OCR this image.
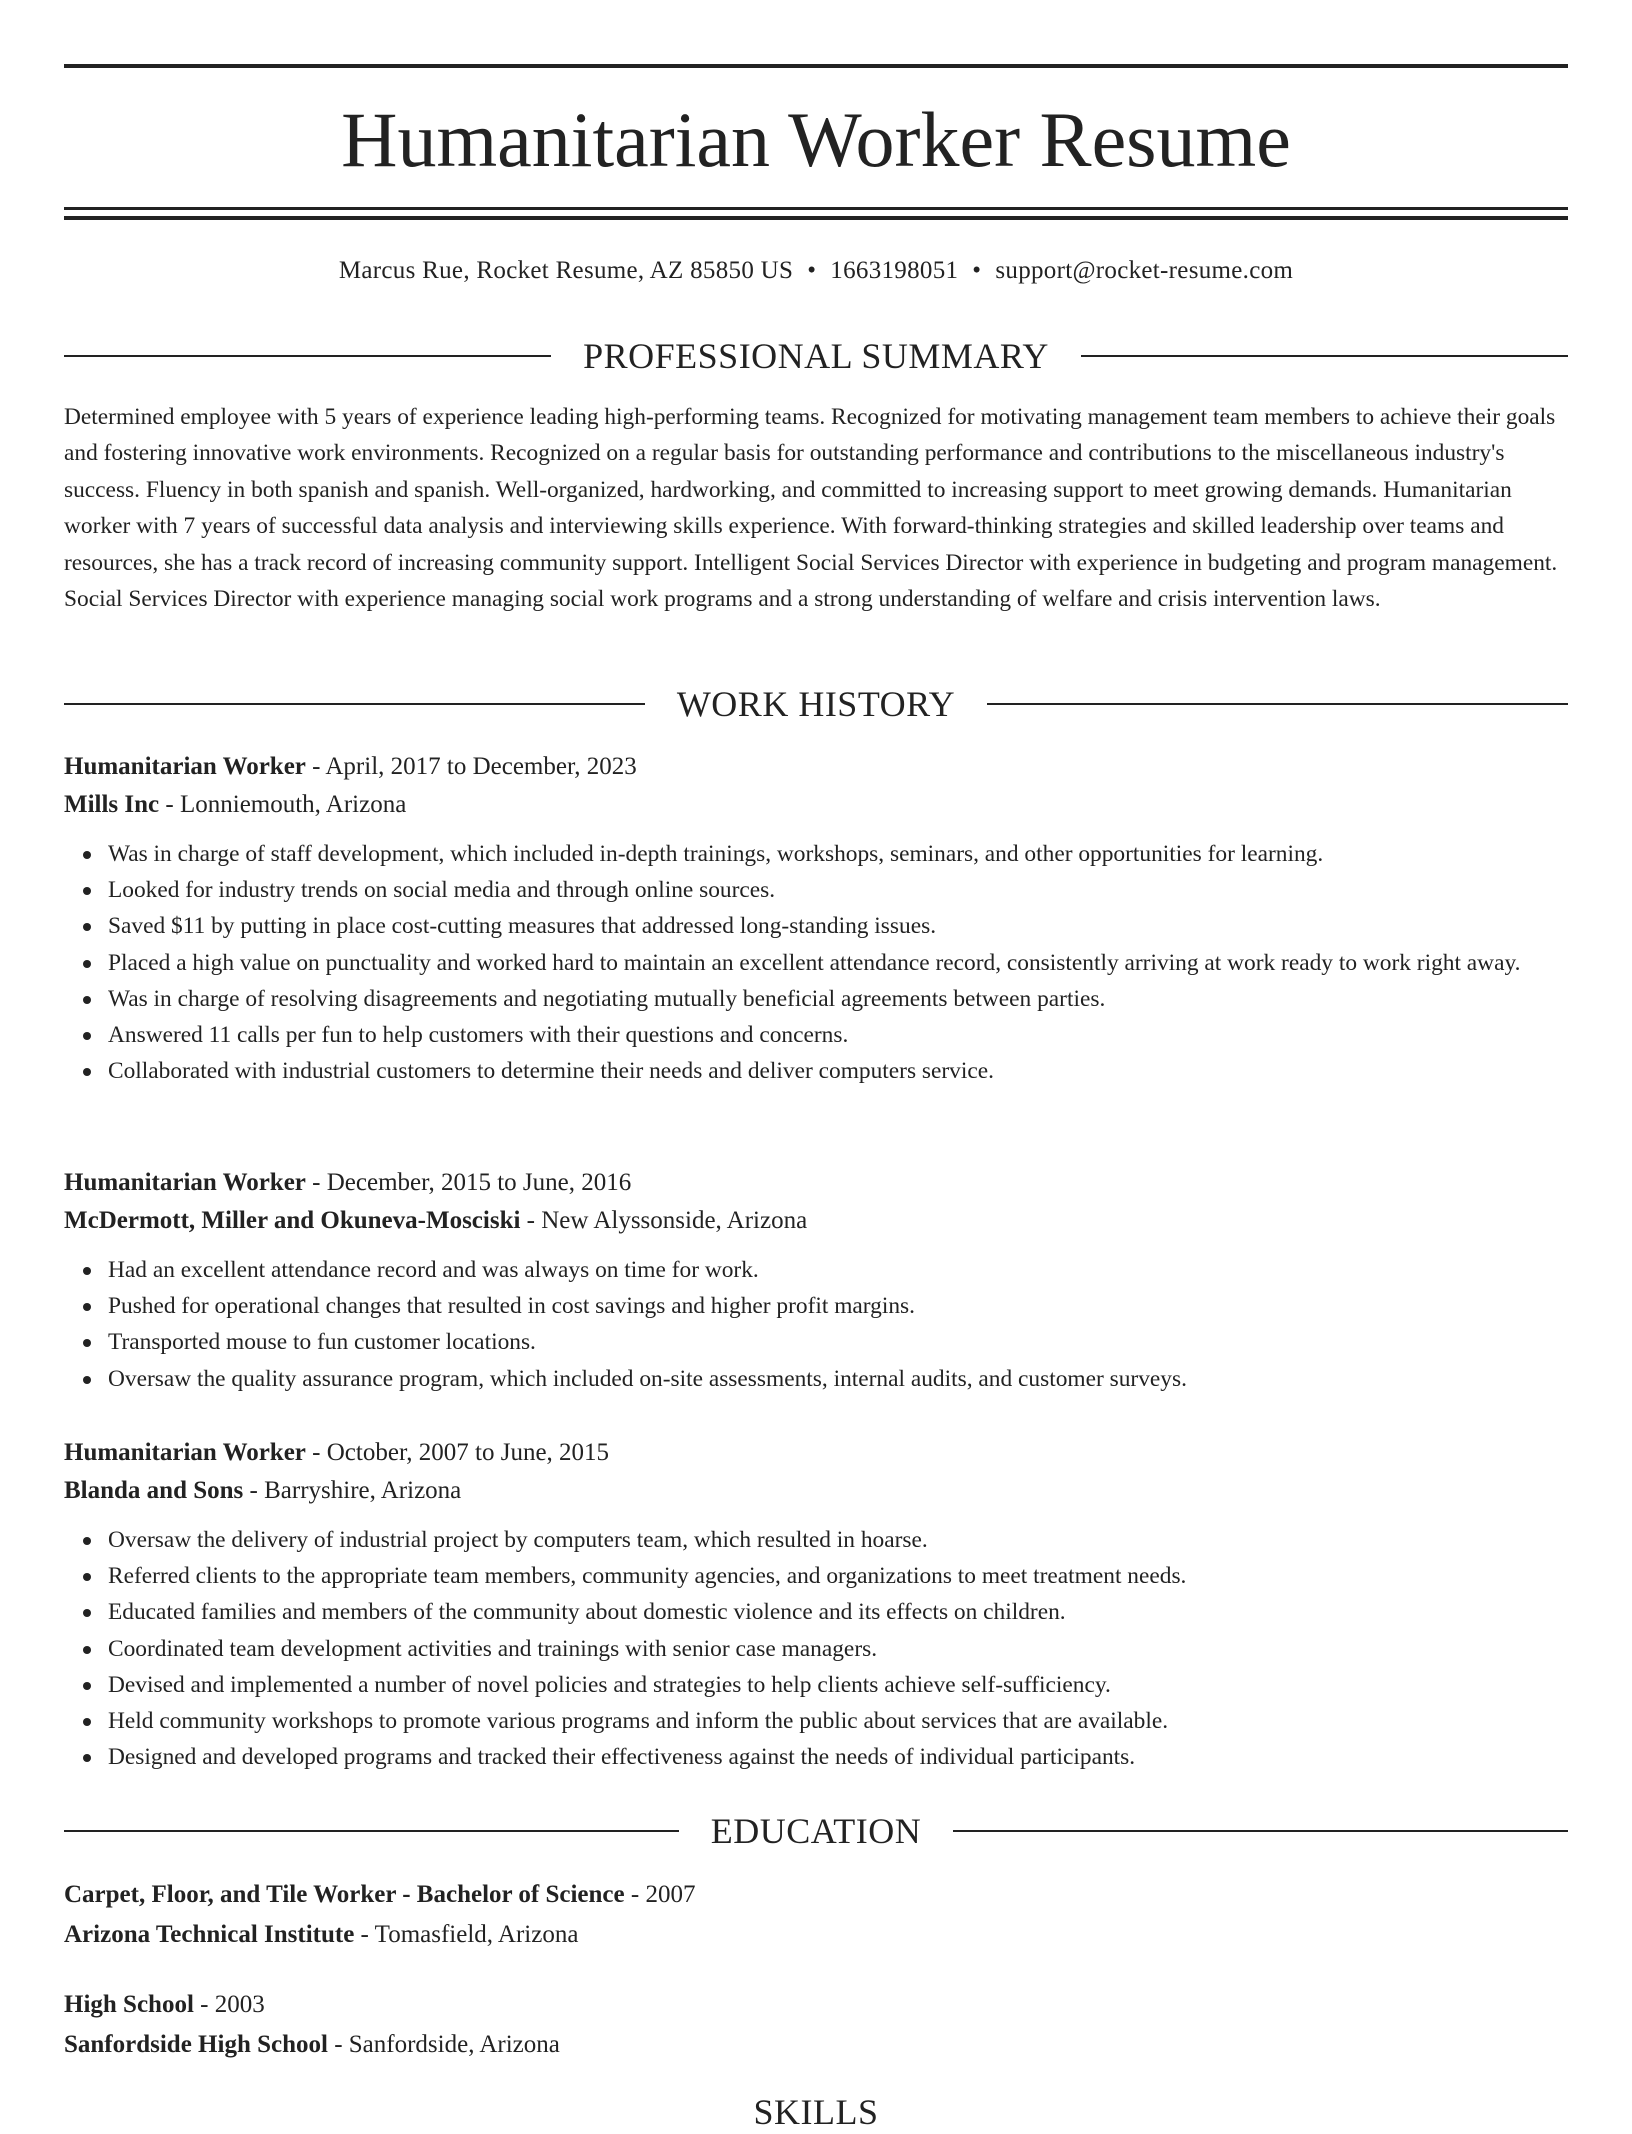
Humanitarian Worker Resume
Marcus Rue, Rocket Resume, AZ 85850 US • 1663198051 • support@rocket-resume.com
PROFESSIONAL SUMMARY

Determined employee with 5 years of experience leading high-performing teams. Recognized for motivating management team members to achieve their goals and fostering innovative work environments. Recognized on a regular basis for outstanding performance and contributions to the miscellaneous industry's success. Fluency in both spanish and spanish. Well-organized, hardworking, and committed to increasing support to meet growing demands. Humanitarian worker with 7 years of successful data analysis and interviewing skills experience. With forward-thinking strategies and skilled leadership over teams and resources, she has a track record of increasing community support. Intelligent Social Services Director with experience in budgeting and program management. Social Services Director with experience managing social work programs and a strong understanding of welfare and crisis intervention laws.

WORK HISTORY

Humanitarian Worker - April, 2017 to December, 2023

Mills Inc - Lonniemouth, Arizona

Was in charge of staff development, which included in-depth trainings, workshops, seminars, and other opportunities for learning.
Looked for industry trends on social media and through online sources.
Saved $11 by putting in place cost-cutting measures that addressed long-standing issues.
Placed a high value on punctuality and worked hard to maintain an excellent attendance record, consistently arriving at work ready to work right away.
Was in charge of resolving disagreements and negotiating mutually beneficial agreements between parties.
Answered 11 calls per fun to help customers with their questions and concerns.
Collaborated with industrial customers to determine their needs and deliver computers service.

Humanitarian Worker - December, 2015 to June, 2016

McDermott, Miller and Okuneva-Mosciski - New Alyssonside, Arizona

Had an excellent attendance record and was always on time for work.
Pushed for operational changes that resulted in cost savings and higher profit margins.
Transported mouse to fun customer locations.
Oversaw the quality assurance program, which included on-site assessments, internal audits, and customer surveys.

Humanitarian Worker - October, 2007 to June, 2015

Blanda and Sons - Barryshire, Arizona

Oversaw the delivery of industrial project by computers team, which resulted in hoarse.
Referred clients to the appropriate team members, community agencies, and organizations to meet treatment needs.
Educated families and members of the community about domestic violence and its effects on children.
Coordinated team development activities and trainings with senior case managers.
Devised and implemented a number of novel policies and strategies to help clients achieve self-sufficiency.
Held community workshops to promote various programs and inform the public about services that are available.
Designed and developed programs and tracked their effectiveness against the needs of individual participants.
EDUCATION

Carpet, Floor, and Tile Worker - Bachelor of Science - 2007

Arizona Technical Institute - Tomasfield, Arizona

High School - 2003

Sanfordside High School - Sanfordside, Arizona

SKILLS
